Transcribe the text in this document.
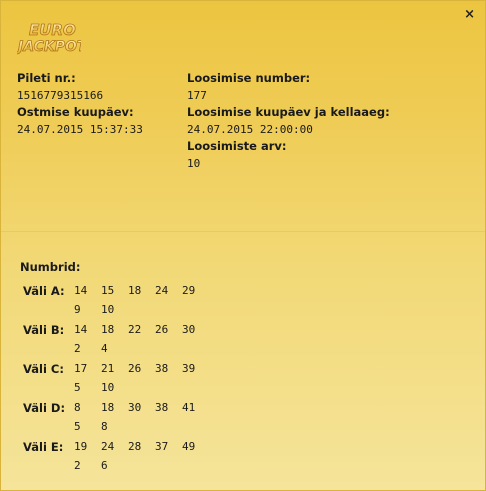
×
EURO
JACKPOT
Pileti nr.:
1516779315166
Ostmise kuupäev:
24.07.2015 15:37:33
Loosimise number:
177
Loosimise kuupäev ja kellaaeg:
24.07.2015 22:00:00
Loosimiste arv:
10
Numbrid:
Väli A: 14	15	18	24	29
9	10
Väli B: 14	18	22	26	30
2	4
Väli C: 17	21	26	38	39
5	10
Väli D: 8	18	30	38	41
5	8
Väli E: 19	24	28	37	49
2	6
